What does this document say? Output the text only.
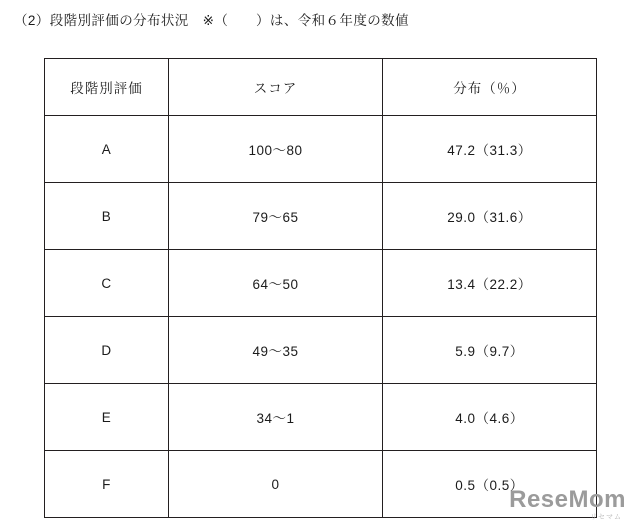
（2）段階別評価の分布状況　※（　　）は、令和６年度の数値
段階別評価	スコア	分布（％）
A	100〜80	47.2（31.3）
B	79〜65	29.0（31.6）
C	64〜50	13.4（22.2）
D	49〜35	5.9（9.7）
E	34〜1	4.0（4.6）
F	0	0.5（0.5）
ReseMom
リセマム
